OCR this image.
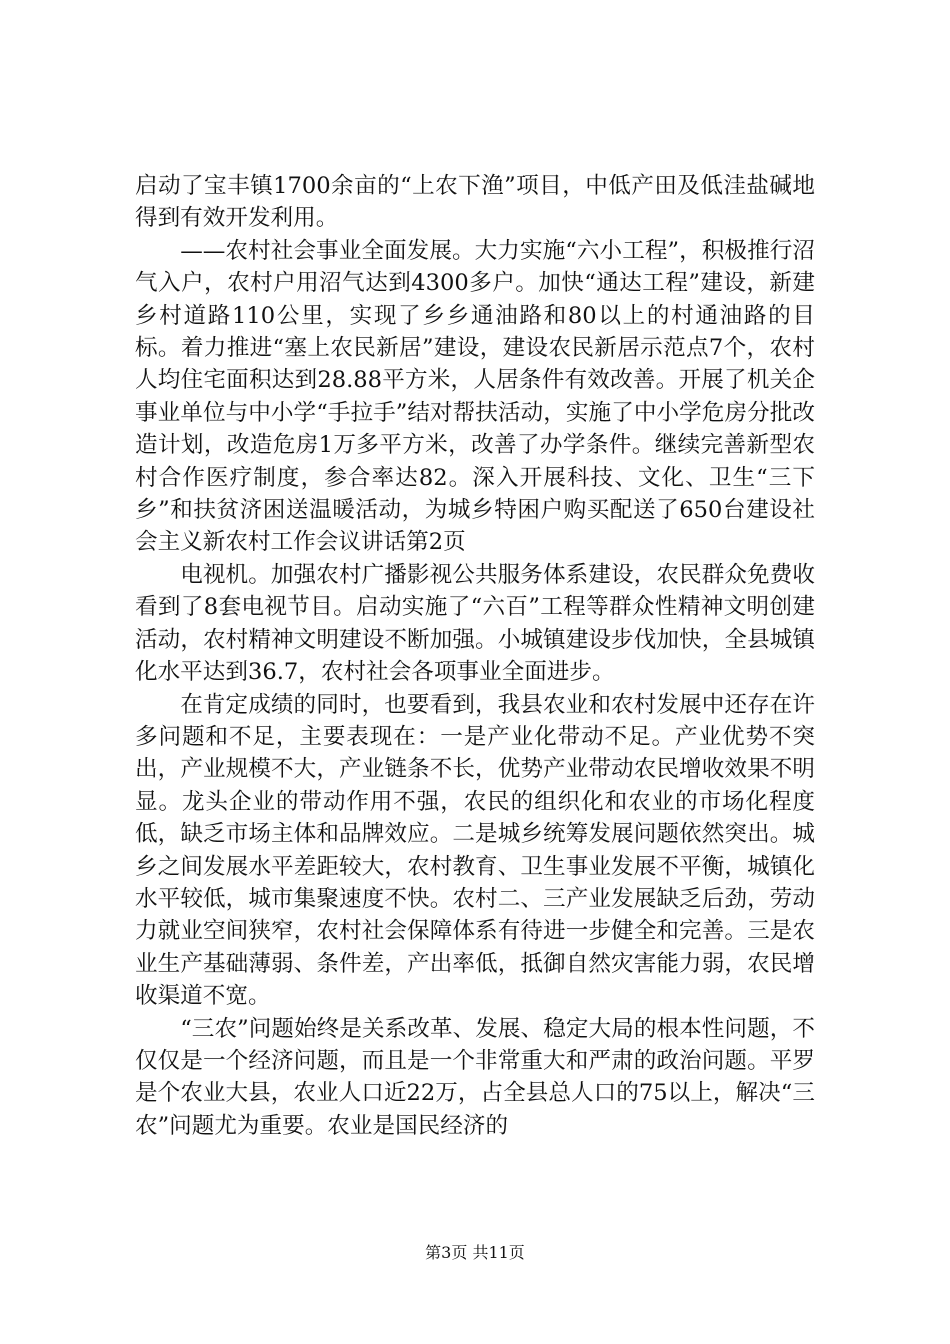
启动了宝丰镇1700余亩的“上农下渔”项目，中低产田及低洼盐碱地得到有效开发利用。

——农村社会事业全面发展。大力实施“六小工程”，积极推行沼气入户，农村户用沼气达到4300多户。加快“通达工程”建设，新建乡村道路110公里，实现了乡乡通油路和80以上的村通油路的目标。着力推进“塞上农民新居”建设，建设农民新居示范点7个，农村人均住宅面积达到28.88平方米，人居条件有效改善。开展了机关企事业单位与中小学“手拉手”结对帮扶活动，实施了中小学危房分批改造计划，改造危房1万多平方米，改善了办学条件。继续完善新型农村合作医疗制度，参合率达82。深入开展科技、文化、卫生“三下乡”和扶贫济困送温暖活动，为城乡特困户购买配送了650台建设社会主义新农村工作会议讲话第2页

电视机。加强农村广播影视公共服务体系建设，农民群众免费收看到了8套电视节目。启动实施了“六百”工程等群众性精神文明创建活动，农村精神文明建设不断加强。小城镇建设步伐加快，全县城镇化水平达到36.7，农村社会各项事业全面进步。

在肯定成绩的同时，也要看到，我县农业和农村发展中还存在许多问题和不足，主要表现在：一是产业化带动不足。产业优势不突出，产业规模不大，产业链条不长，优势产业带动农民增收效果不明显。龙头企业的带动作用不强，农民的组织化和农业的市场化程度低，缺乏市场主体和品牌效应。二是城乡统筹发展问题依然突出。城乡之间发展水平差距较大，农村教育、卫生事业发展不平衡，城镇化水平较低，城市集聚速度不快。农村二、三产业发展缺乏后劲，劳动力就业空间狭窄，农村社会保障体系有待进一步健全和完善。三是农业生产基础薄弱、条件差，产出率低，抵御自然灾害能力弱，农民增收渠道不宽。

“三农”问题始终是关系改革、发展、稳定大局的根本性问题，不仅仅是一个经济问题，而且是一个非常重大和严肃的政治问题。平罗是个农业大县，农业人口近22万，占全县总人口的75以上，解决“三农”问题尤为重要。农业是国民经济的

第3页 共11页
